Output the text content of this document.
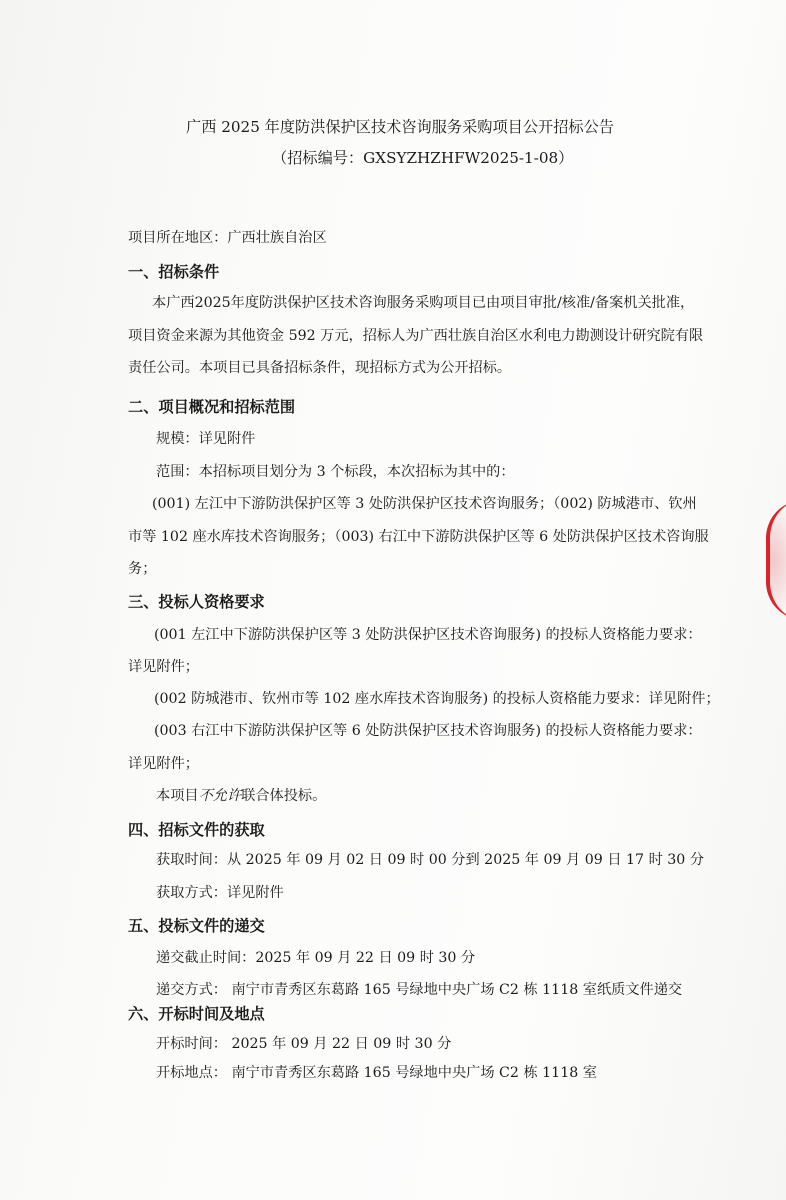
广西 2025 年度防洪保护区技术咨询服务采购项目公开招标公告
（招标编号：GXSYZHZHFW2025-1-08）
项目所在地区：广西壮族自治区
一、招标条件
本广西2025年度防洪保护区技术咨询服务采购项目已由项目审批/核准/备案机关批准，
项目资金来源为其他资金 592 万元，招标人为广西壮族自治区水利电力勘测设计研究院有限
责任公司。本项目已具备招标条件，现招标方式为公开招标。
二、项目概况和招标范围
规模：详见附件
范围：本招标项目划分为 3 个标段，本次招标为其中的：
(001) 左江中下游防洪保护区等 3 处防洪保护区技术咨询服务；（002) 防城港市、钦州
市等 102 座水库技术咨询服务；（003) 右江中下游防洪保护区等 6 处防洪保护区技术咨询服
务；
三、投标人资格要求
(001 左江中下游防洪保护区等 3 处防洪保护区技术咨询服务) 的投标人资格能力要求：
详见附件；
(002 防城港市、钦州市等 102 座水库技术咨询服务) 的投标人资格能力要求：详见附件；
(003 右江中下游防洪保护区等 6 处防洪保护区技术咨询服务) 的投标人资格能力要求：
详见附件；
本项目不允许联合体投标。
四、招标文件的获取
获取时间：从 2025 年 09 月 02 日 09 时 00 分到 2025 年 09 月 09 日 17 时 30 分
获取方式：详见附件
五、投标文件的递交
递交截止时间：2025 年 09 月 22 日 09 时 30 分
递交方式： 南宁市青秀区东葛路 165 号绿地中央广场 C2 栋 1118 室纸质文件递交
六、开标时间及地点
开标时间： 2025 年 09 月 22 日 09 时 30 分
开标地点： 南宁市青秀区东葛路 165 号绿地中央广场 C2 栋 1118 室
